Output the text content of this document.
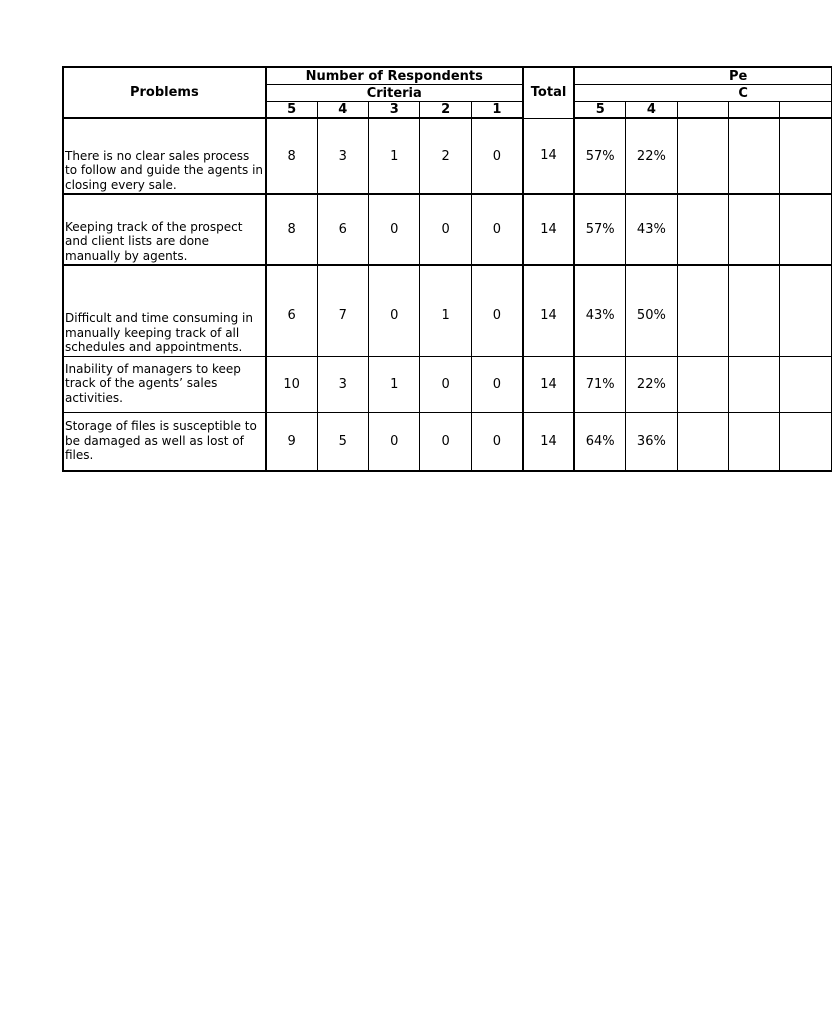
Problems	Number of Respondents					Total	Pe				
	Criteria						C				
	5	4	3	2	1		5	4			
There is no clear sales process to follow and guide the agents in closing every sale.	8	3	1	2	0	14	57%	22%			
Keeping track of the prospect and client lists are done manually by agents.	8	6	0	0	0	14	57%	43%			
Difficult and time consuming in manually keeping track of all schedules and appointments.	6	7	0	1	0	14	43%	50%			
Inability of managers to keep track of the agents’ sales activities.	10	3	1	0	0	14	71%	22%			
Storage of files is susceptible to be damaged as well as lost of files.	9	5	0	0	0	14	64%	36%			
